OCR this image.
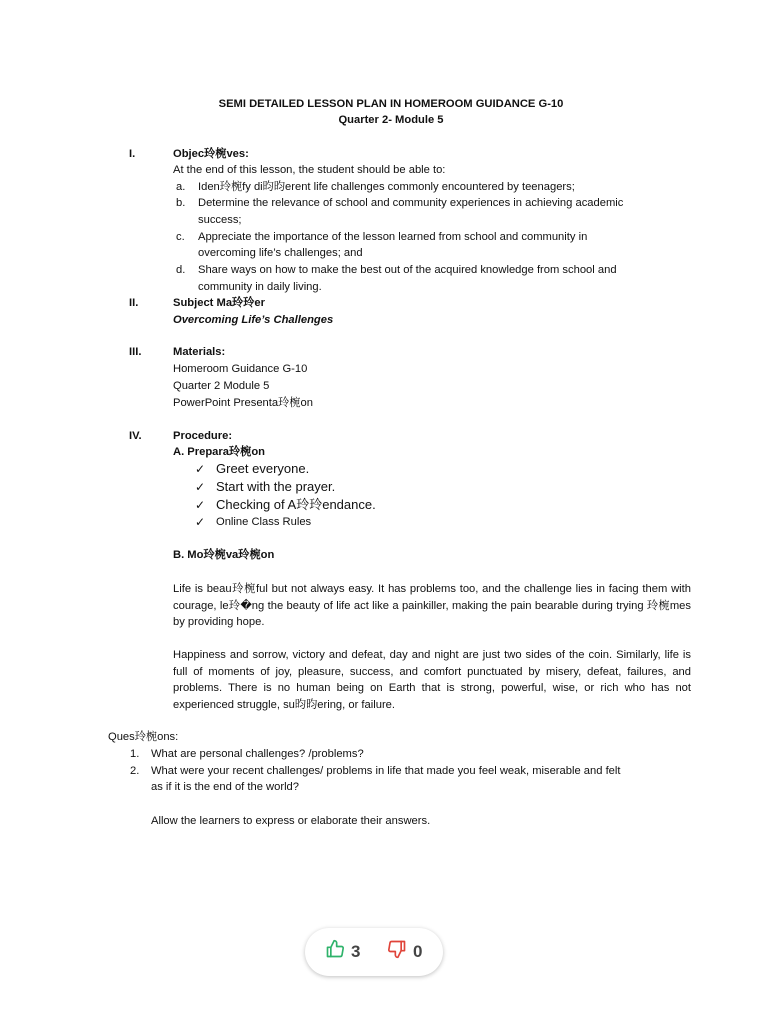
SEMI DETAILED LESSON PLAN IN HOMEROOM GUIDANCE G-10
Quarter 2- Module 5
I.	Objec玲椀ves:
At the end of this lesson, the student should be able to:
a. Iden玲椀fy di昀昀erent life challenges commonly encountered by teenagers;
b. Determine the relevance of school and community experiences in achieving academic
success;
c. Appreciate the importance of the lesson learned from school and community in
overcoming life’s challenges; and
d. Share ways on how to make the best out of the acquired knowledge from school and
community in daily living.
II.	Subject Ma玲玲er
Overcoming Life’s Challenges
III.	Materials:
Homeroom Guidance G-10
Quarter 2 Module 5
PowerPoint Presenta玲椀on
IV.	Procedure:
A. Prepara玲椀on
✓ Greet everyone.
✓ Start with the prayer.
✓ Checking of A玲玲endance.
✓ Online Class Rules
B. Mo玲椀va玲椀on
Life is beau玲椀ful but not always easy. It has problems too, and the challenge lies in facing them with courage, le玲�ng the beauty of life act like a painkiller, making the pain bearable during trying 玲椀mes by providing hope.
Happiness and sorrow, victory and defeat, day and night are just two sides of the coin. Similarly, life is full of moments of joy, pleasure, success, and comfort punctuated by misery, defeat, failures, and problems. There is no human being on Earth that is strong, powerful, wise, or rich who has not experienced struggle, su昀昀ering, or failure.
Ques玲椀ons:
1. What are personal challenges? /problems?
2. What were your recent challenges/ problems in life that made you feel weak, miserable and felt
as if it is the end of the world?
Allow the learners to express or elaborate their answers.
3	0
